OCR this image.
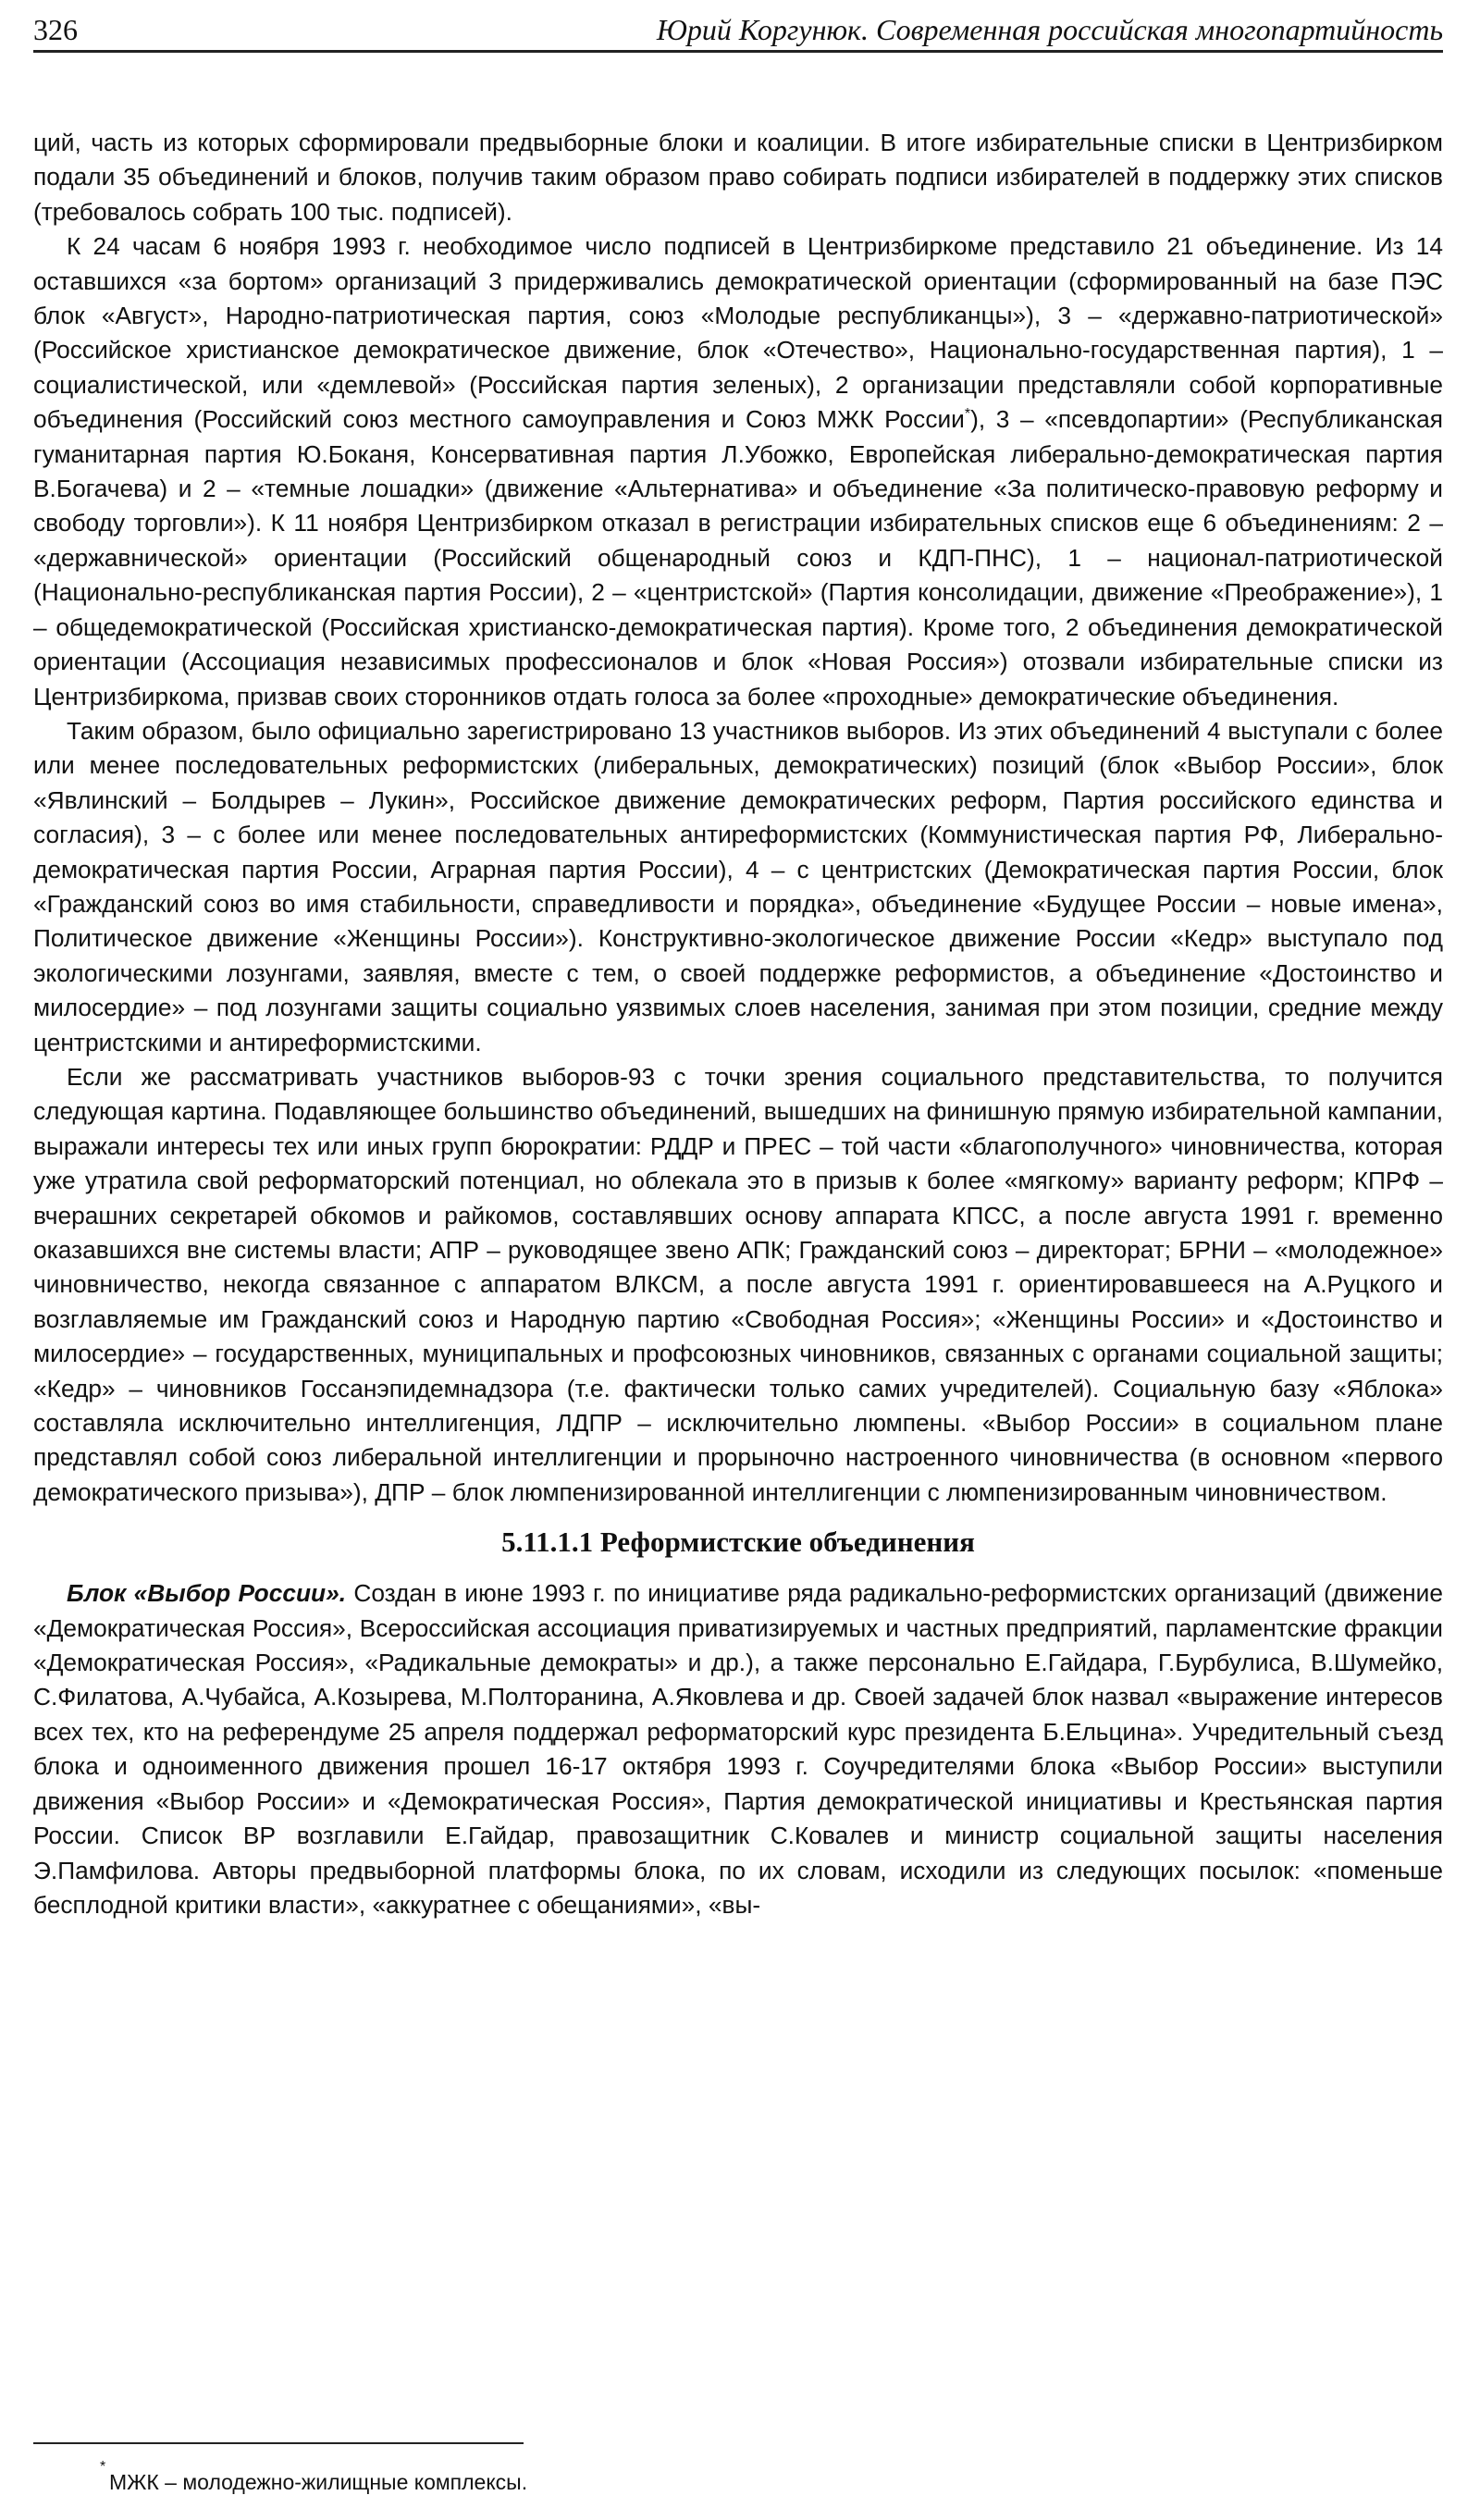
326	Юрий Коргунюк. Современная российская многопартийность

ций, часть из которых сформировали предвыборные блоки и коалиции. В итоге избирательные списки в Центризбирком подали 35 объединений и блоков, получив таким образом право собирать подписи избирателей в поддержку этих списков (требовалось собрать 100 тыс. подписей).

К 24 часам 6 ноября 1993 г. необходимое число подписей в Центризбиркоме представило 21 объединение. Из 14 оставшихся «за бортом» организаций 3 придерживались демократической ориентации (сформированный на базе ПЭС блок «Август», Народно-патриотическая партия, союз «Молодые республиканцы»), 3 – «державно-патриотической» (Российское христианское демократическое движение, блок «Отечество», Национально-государственная партия), 1 – социалистической, или «демлевой» (Российская партия зеленых), 2 организации представляли собой корпоративные объединения (Российский союз местного самоуправления и Союз МЖК России*), 3 – «псевдопартии» (Республиканская гуманитарная партия Ю.Боканя, Консервативная партия Л.Убожко, Европейская либерально-демократическая партия В.Богачева) и 2 – «темные лошадки» (движение «Альтернатива» и объединение «За политическо-правовую реформу и свободу торговли»). К 11 ноября Центризбирком отказал в регистрации избирательных списков еще 6 объединениям: 2 – «державнической» ориентации (Российский общенародный союз и КДП-ПНС), 1 – национал-патриотической (Национально-республиканская партия России), 2 – «центристской» (Партия консолидации, движение «Преображение»), 1 – общедемократической (Российская христианско-демократическая партия). Кроме того, 2 объединения демократической ориентации (Ассоциация независимых профессионалов и блок «Новая Россия») отозвали избирательные списки из Центризбиркома, призвав своих сторонников отдать голоса за более «проходные» демократические объединения.

Таким образом, было официально зарегистрировано 13 участников выборов. Из этих объединений 4 выступали с более или менее последовательных реформистских (либеральных, демократических) позиций (блок «Выбор России», блок «Явлинский – Болдырев – Лукин», Российское движение демократических реформ, Партия российского единства и согласия), 3 – с более или менее последовательных антиреформистских (Коммунистическая партия РФ, Либерально-демократическая партия России, Аграрная партия России), 4 – с центристских (Демократическая партия России, блок «Гражданский союз во имя стабильности, справедливости и порядка», объединение «Будущее России – новые имена», Политическое движение «Женщины России»). Конструктивно-экологическое движение России «Кедр» выступало под экологическими лозунгами, заявляя, вместе с тем, о своей поддержке реформистов, а объединение «Достоинство и милосердие» – под лозунгами защиты социально уязвимых слоев населения, занимая при этом позиции, средние между центристскими и антиреформистскими.

Если же рассматривать участников выборов-93 с точки зрения социального представительства, то получится следующая картина. Подавляющее большинство объединений, вышедших на финишную прямую избирательной кампании, выражали интересы тех или иных групп бюрократии: РДДР и ПРЕС – той части «благополучного» чиновничества, которая уже утратила свой реформаторский потенциал, но облекала это в призыв к более «мягкому» варианту реформ; КПРФ – вчерашних секретарей обкомов и райкомов, составлявших основу аппарата КПСС, а после августа 1991 г. временно оказавшихся вне системы власти; АПР – руководящее звено АПК; Гражданский союз – директорат; БРНИ – «молодежное» чиновничество, некогда связанное с аппаратом ВЛКСМ, а после августа 1991 г. ориентировавшееся на А.Руцкого и возглавляемые им Гражданский союз и Народную партию «Свободная Россия»; «Женщины России» и «Достоинство и милосердие» – государственных, муниципальных и профсоюзных чиновников, связанных с органами социальной защиты; «Кедр» – чиновников Госсанэпидемнадзора (т.е. фактически только самих учредителей). Социальную базу «Яблока» составляла исключительно интеллигенция, ЛДПР – исключительно люмпены. «Выбор России» в социальном плане представлял собой союз либеральной интеллигенции и прорыночно настроенного чиновничества (в основном «первого демократического призыва»), ДПР – блок люмпенизированной интеллигенции с люмпенизированным чиновничеством.

5.11.1.1 Реформистские объединения

Блок «Выбор России». Создан в июне 1993 г. по инициативе ряда радикально-реформистских организаций (движение «Демократическая Россия», Всероссийская ассоциация приватизируемых и частных предприятий, парламентские фракции «Демократическая Россия», «Радикальные демократы» и др.), а также персонально Е.Гайдара, Г.Бурбулиса, В.Шумейко, С.Филатова, А.Чубайса, А.Козырева, М.Полторанина, А.Яковлева и др. Своей задачей блок назвал «выражение интересов всех тех, кто на референдуме 25 апреля поддержал реформаторский курс президента Б.Ельцина». Учредительный съезд блока и одноименного движения прошел 16-17 октября 1993 г. Соучредителями блока «Выбор России» выступили движения «Выбор России» и «Демократическая Россия», Партия демократической инициативы и Крестьянская партия России. Список ВР возглавили Е.Гайдар, правозащитник С.Ковалев и министр социальной защиты населения Э.Памфилова. Авторы предвыборной платформы блока, по их словам, исходили из следующих посылок: «поменьше бесплодной критики власти», «аккуратнее с обещаниями», «вы-

*
МЖК – молодежно-жилищные комплексы.
